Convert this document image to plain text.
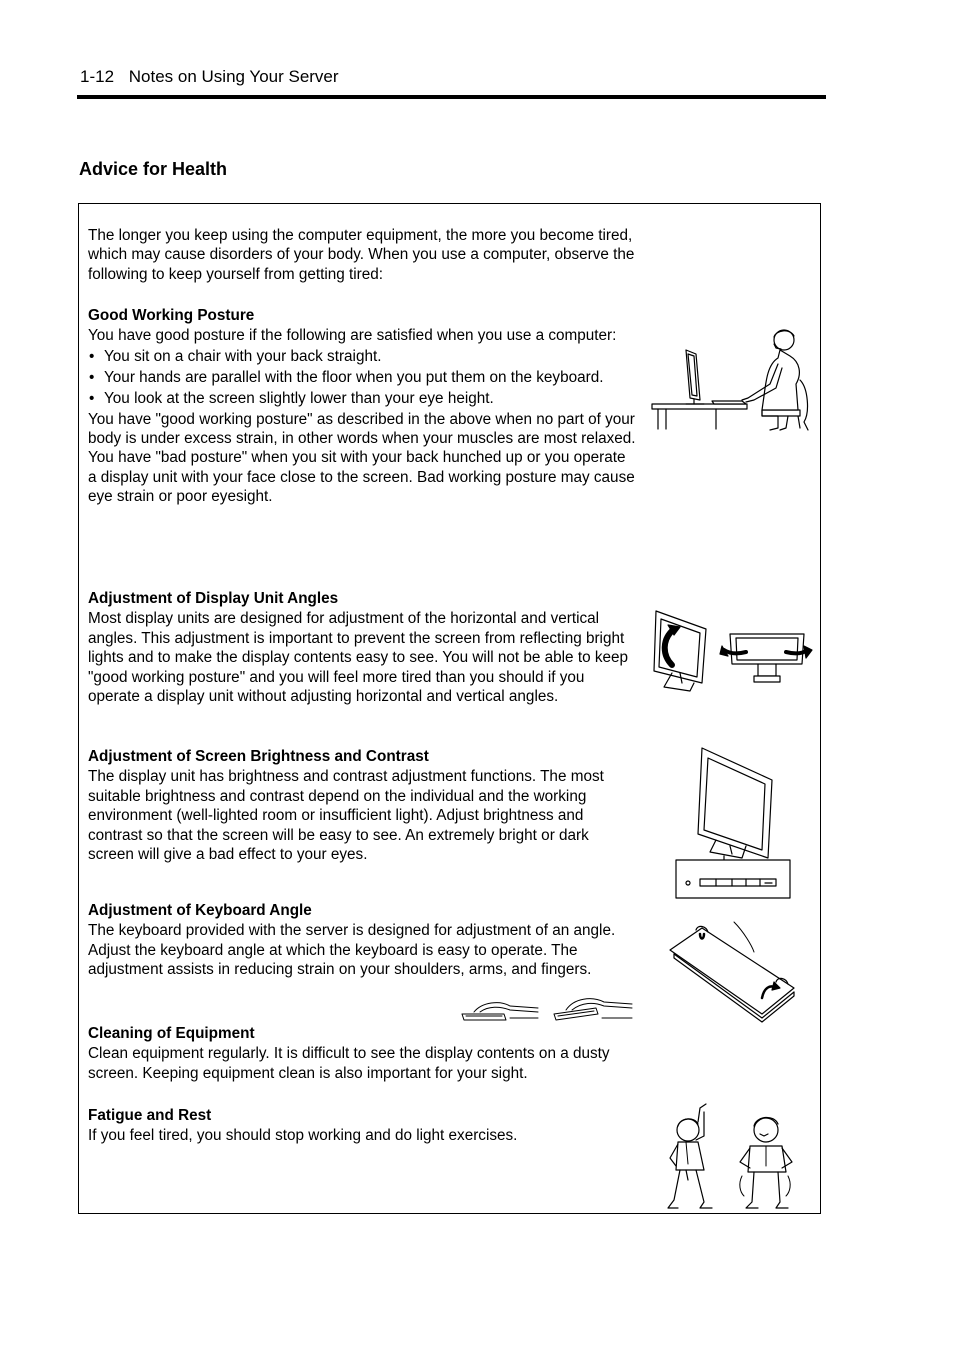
1-12 Notes on Using Your Server
Advice for Health

The longer you keep using the computer equipment, the more you become tired, which may cause disorders of your body. When you use a computer, observe the following to keep yourself from getting tired:

Good Working Posture

You have good posture if the following are satisfied when you use a computer:

• You sit on a chair with your back straight.
• Your hands are parallel with the floor when you put them on the keyboard.
• You look at the screen slightly lower than your eye height.

You have "good working posture" as described in the above when no part of your body is under excess strain, in other words when your muscles are most relaxed.

You have "bad posture" when you sit with your back hunched up or you operate a display unit with your face close to the screen. Bad working posture may cause eye strain or poor eyesight.

Adjustment of Display Unit Angles

Most display units are designed for adjustment of the horizontal and vertical angles. This adjustment is important to prevent the screen from reflecting bright lights and to make the display contents easy to see. You will not be able to keep "good working posture" and you will feel more tired than you should if you operate a display unit without adjusting horizontal and vertical angles.

Adjustment of Screen Brightness and Contrast

The display unit has brightness and contrast adjustment functions. The most suitable brightness and contrast depend on the individual and the working environment (well-lighted room or insufficient light). Adjust brightness and contrast so that the screen will be easy to see. An extremely bright or dark screen will give a bad effect to your eyes.

Adjustment of Keyboard Angle

The keyboard provided with the server is designed for adjustment of an angle. Adjust the keyboard angle at which the keyboard is easy to operate. The adjustment assists in reducing strain on your shoulders, arms, and fingers.

Cleaning of Equipment

Clean equipment regularly. It is difficult to see the display contents on a dusty screen. Keeping equipment clean is also important for your sight.

Fatigue and Rest

If you feel tired, you should stop working and do light exercises.
